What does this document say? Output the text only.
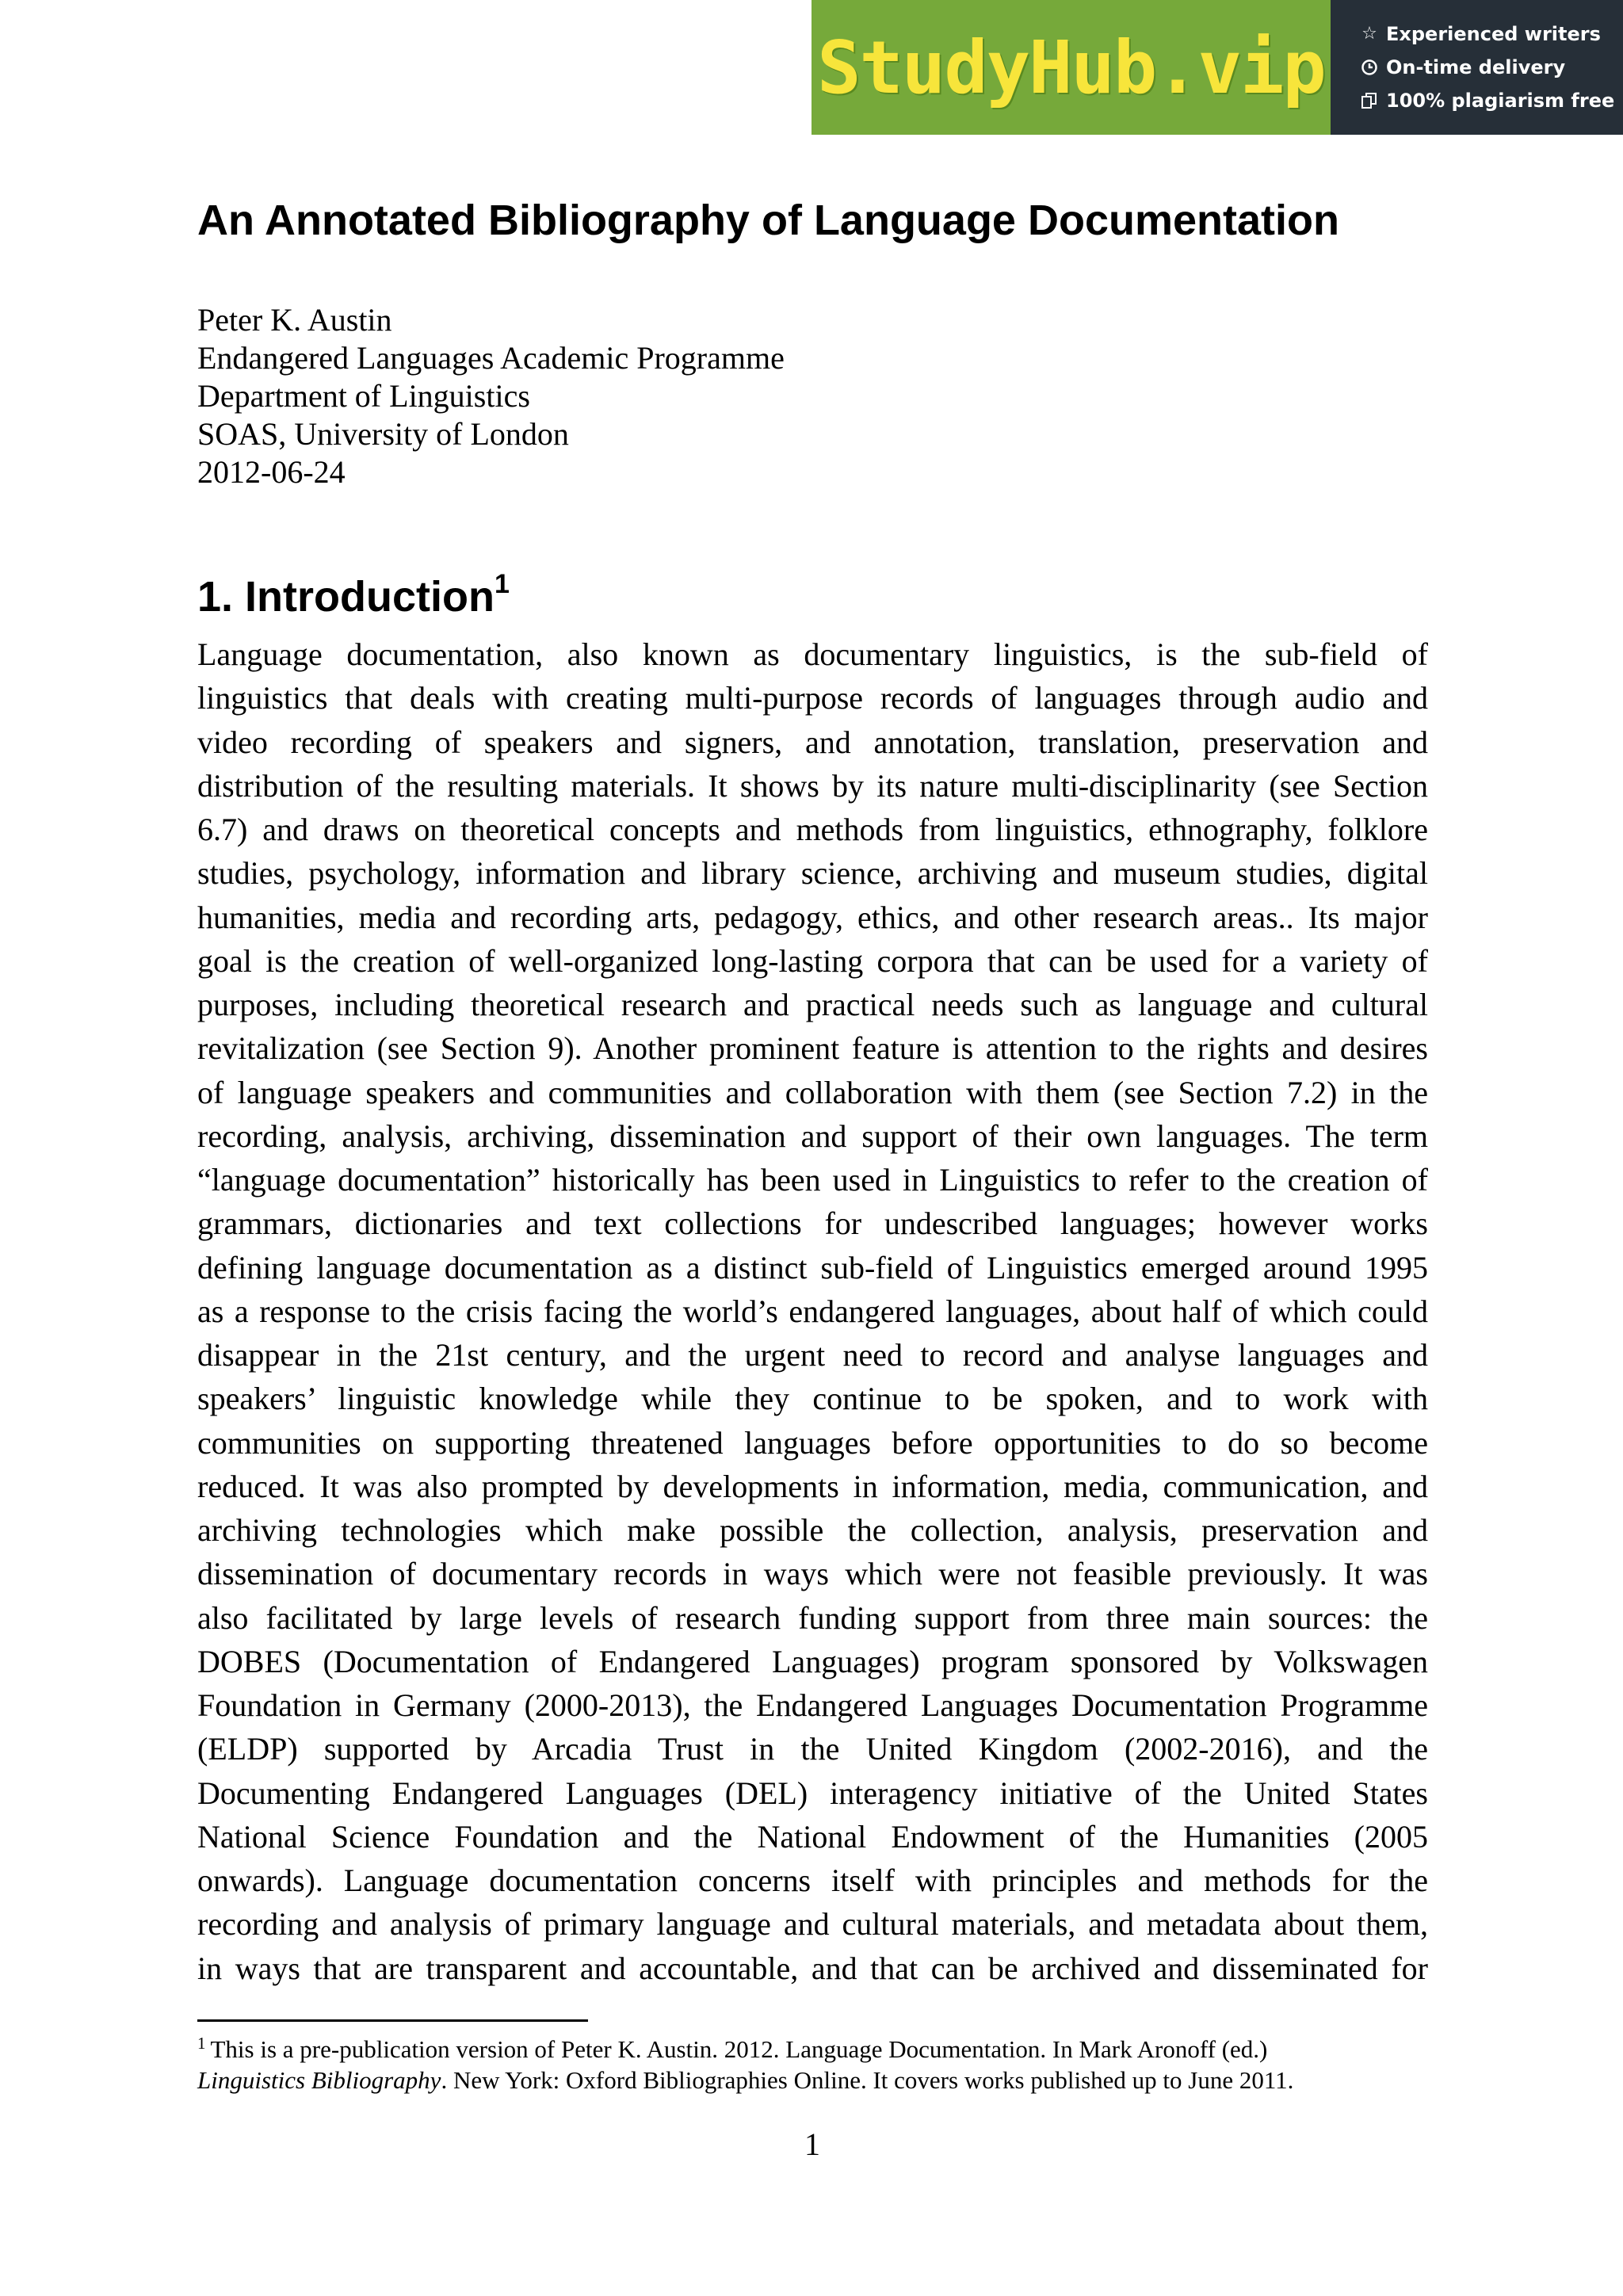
StudyHub.vip ☆ Experienced writers
On-time delivery
100% plagiarism free
An Annotated Bibliography of Language Documentation
Peter K. Austin
Endangered Languages Academic Programme
Department of Linguistics
SOAS, University of London
2012-06-24
1. Introduction$^1$

Language documentation, also known as documentary linguistics, is the sub-field of
linguistics that deals with creating multi-purpose records of languages through audio and
video recording of speakers and signers, and annotation, translation, preservation and
distribution of the resulting materials. It shows by its nature multi-disciplinarity (see Section
6.7) and draws on theoretical concepts and methods from linguistics, ethnography, folklore
studies, psychology, information and library science, archiving and museum studies, digital
humanities, media and recording arts, pedagogy, ethics, and other research areas.. Its major
goal is the creation of well-organized long-lasting corpora that can be used for a variety of
purposes, including theoretical research and practical needs such as language and cultural
revitalization (see Section 9). Another prominent feature is attention to the rights and desires
of language speakers and communities and collaboration with them (see Section 7.2) in the
recording, analysis, archiving, dissemination and support of their own languages. The term
“language documentation” historically has been used in Linguistics to refer to the creation of
grammars, dictionaries and text collections for undescribed languages; however works
defining language documentation as a distinct sub-field of Linguistics emerged around 1995
as a response to the crisis facing the world’s endangered languages, about half of which could
disappear in the 21st century, and the urgent need to record and analyse languages and
speakers’ linguistic knowledge while they continue to be spoken, and to work with
communities on supporting threatened languages before opportunities to do so become
reduced. It was also prompted by developments in information, media, communication, and
archiving technologies which make possible the collection, analysis, preservation and
dissemination of documentary records in ways which were not feasible previously. It was
also facilitated by large levels of research funding support from three main sources: the
DOBES (Documentation of Endangered Languages) program sponsored by Volkswagen
Foundation in Germany (2000-2013), the Endangered Languages Documentation Programme
(ELDP) supported by Arcadia Trust in the United Kingdom (2002-2016), and the
Documenting Endangered Languages (DEL) interagency initiative of the United States
National Science Foundation and the National Endowment of the Humanities (2005
onwards). Language documentation concerns itself with principles and methods for the
recording and analysis of primary language and cultural materials, and metadata about them,
in ways that are transparent and accountable, and that can be archived and disseminated for

$^1$ This is a pre-publication version of Peter K. Austin. 2012. Language Documentation. In Mark Aronoff (ed.)
Linguistics Bibliography. New York: Oxford Bibliographies Online. It covers works published up to June 2011.
1
